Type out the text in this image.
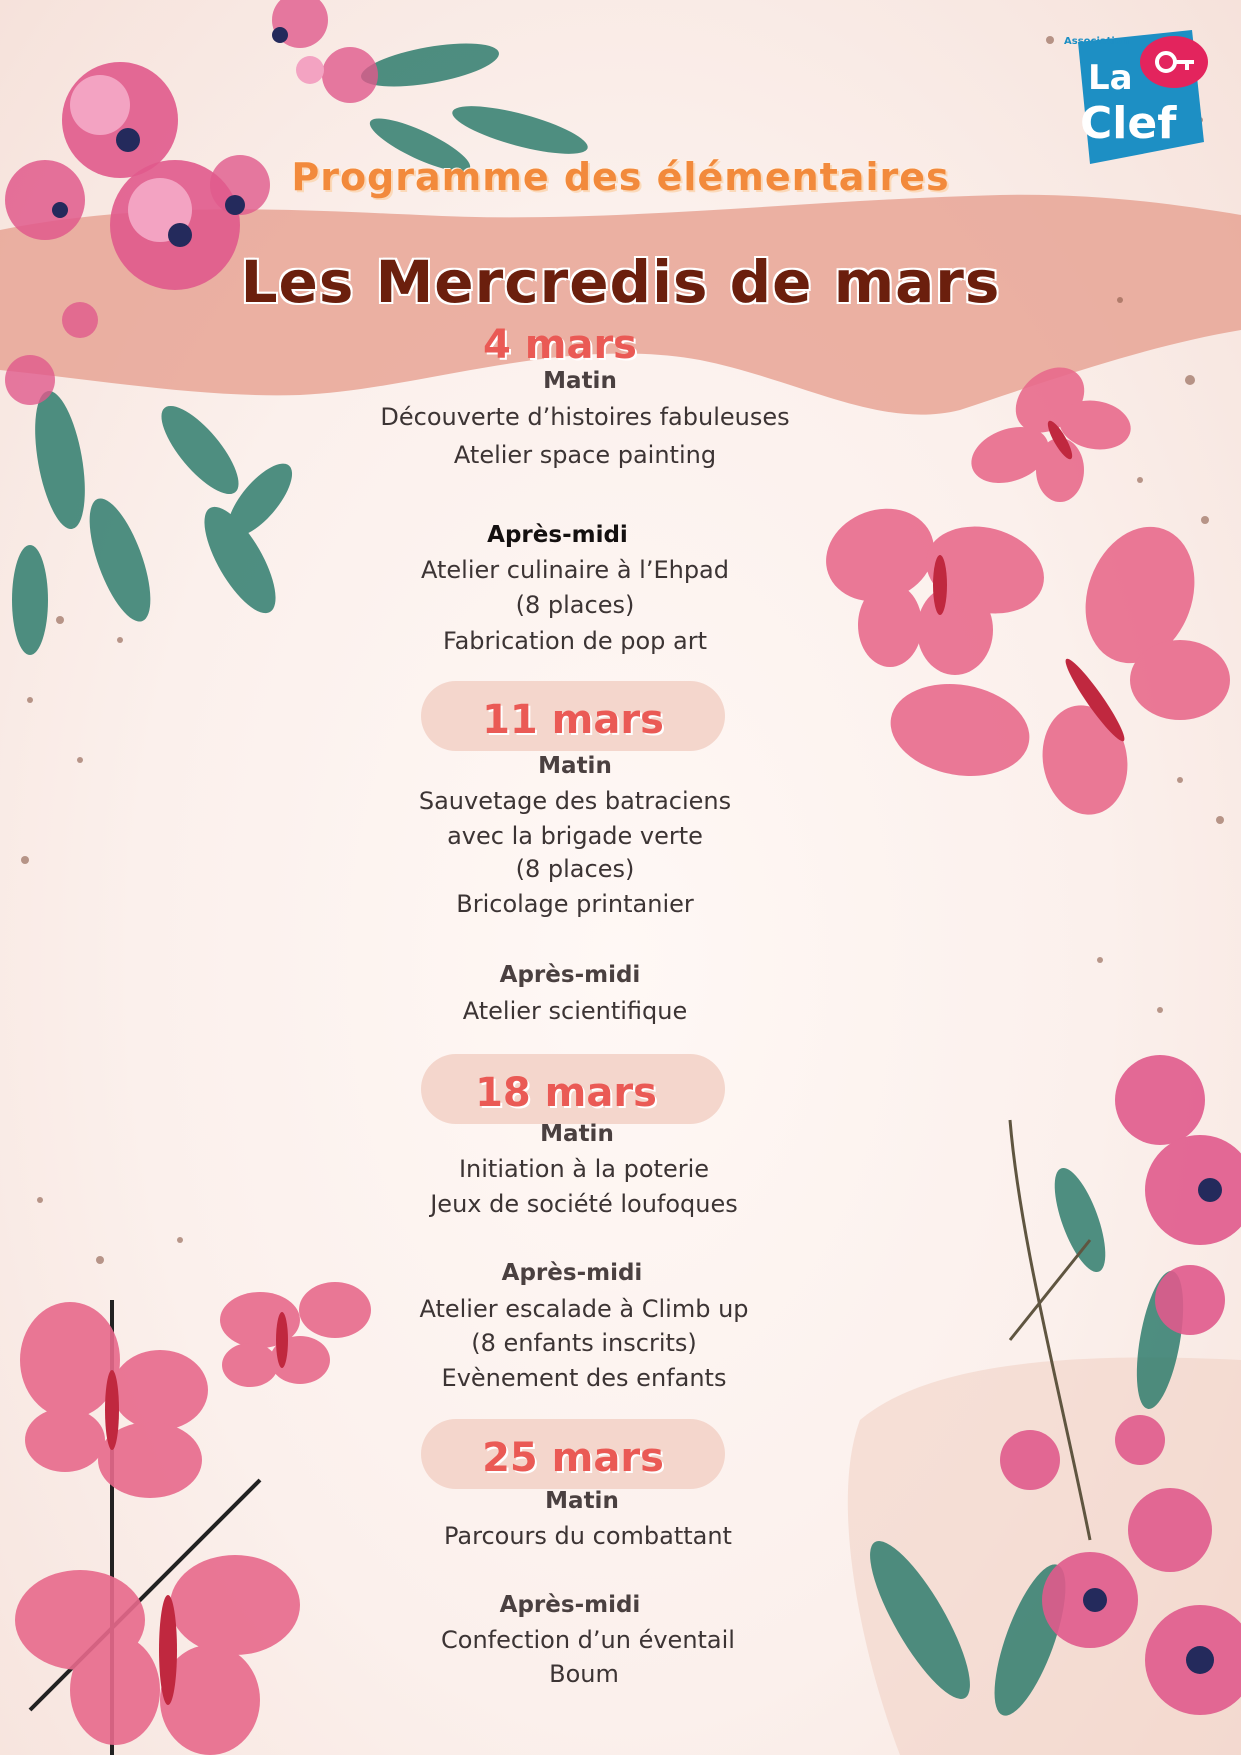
Association
La
Clef
Programme des élémentaires
Les Mercredis de mars
4 mars
Matin
Découverte d’histoires fabuleuses
Atelier space painting
Après-midi
Atelier culinaire à l’Ehpad
(8 places)
Fabrication de pop art
11 mars
Matin
Sauvetage des batraciens
avec la brigade verte
(8 places)
Bricolage printanier
Après-midi
Atelier scientifique
18 mars
Matin
Initiation à la poterie
Jeux de société loufoques
Après-midi
Atelier escalade à Climb up
(8 enfants inscrits)
Evènement des enfants
25 mars
Matin
Parcours du combattant
Après-midi
Confection d’un éventail
Boum
